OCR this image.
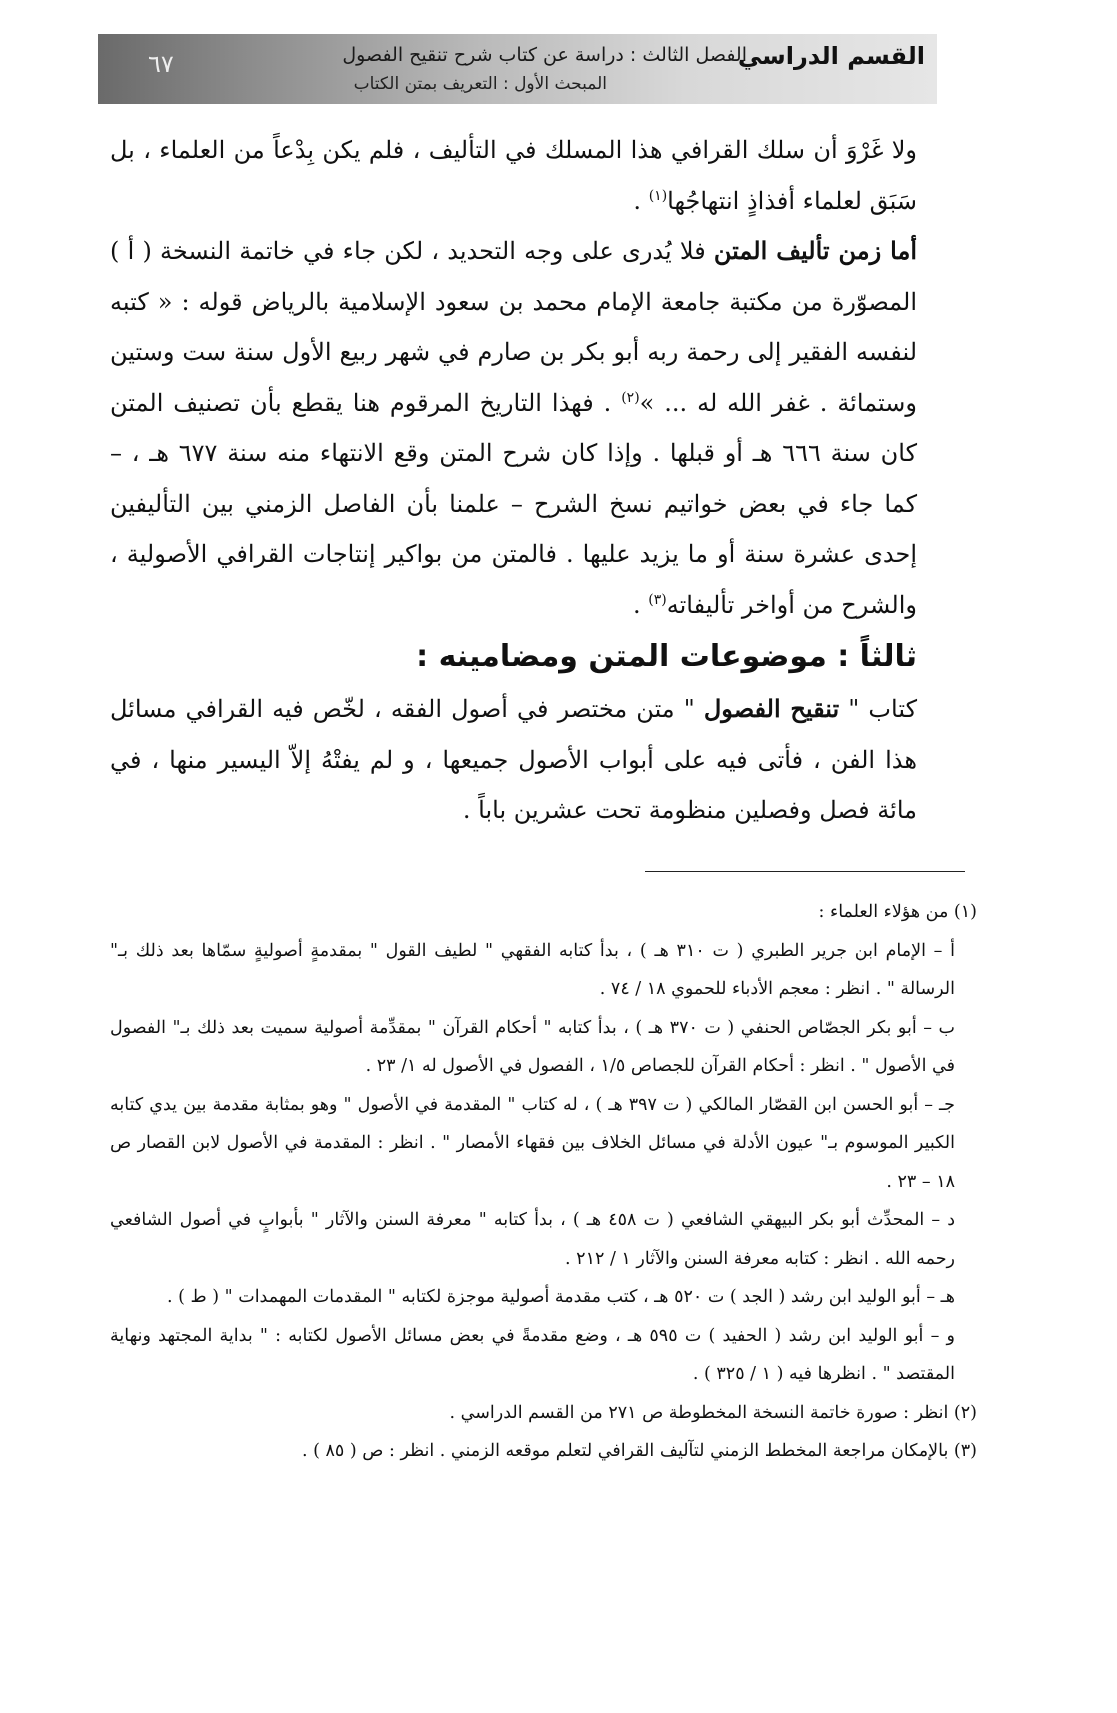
القسم الدراسي
الفصل الثالث : دراسة عن كتاب شرح تنقيح الفصول
المبحث الأول : التعريف بمتن الكتاب
٦٧

ولا غَرْوَ أن سلك القرافي هذا المسلك في التأليف ، فلم يكن بِدْعاً من العلماء ، بل سَبَق لعلماء أفذاذٍ انتهاجُها$^{(١)}$ .

أما زمن تأليف المتن فلا يُدرى على وجه التحديد ، لكن جاء في خاتمة النسخة ( أ ) المصوّرة من مكتبة جامعة الإمام محمد بن سعود الإسلامية بالرياض قوله : « كتبه لنفسه الفقير إلى رحمة ربه أبو بكر بن صارم في شهر ربيع الأول سنة ست وستين وستمائة . غفر الله له ... »$^{(٢)}$ . فهذا التاريخ المرقوم هنا يقطع بأن تصنيف المتن كان سنة ٦٦٦ هـ أو قبلها . وإذا كان شرح المتن وقع الانتهاء منه سنة ٦٧٧ هـ ، – كما جاء في بعض خواتيم نسخ الشرح – علمنا بأن الفاصل الزمني بين التأليفين إحدى عشرة سنة أو ما يزيد عليها . فالمتن من بواكير إنتاجات القرافي الأصولية ، والشرح من أواخر تأليفاته$^{(٣)}$ .

ثالثاً : موضوعات المتن ومضامينه :

كتاب " تنقيح الفصول " متن مختصر في أصول الفقه ، لخّص فيه القرافي مسائل هذا الفن ، فأتى فيه على أبواب الأصول جميعها ، و لم يفتْهُ إلاّ اليسير منها ، في مائة فصل وفصلين منظومة تحت عشرين باباً .

(١) من هؤلاء العلماء :

أ – الإمام ابن جرير الطبري ( ت ٣١٠ هـ ) ، بدأ كتابه الفقهي " لطيف القول " بمقدمةٍ أصوليةٍ سمّاها بعد ذلك بـ" الرسالة " . انظر : معجم الأدباء للحموي ١٨ / ٧٤ .

ب – أبو بكر الجصّاص الحنفي ( ت ٣٧٠ هـ ) ، بدأ كتابه " أحكام القرآن " بمقدِّمة أصولية سميت بعد ذلك بـ" الفصول في الأصول " . انظر : أحكام القرآن للجصاص ١/٥ ، الفصول في الأصول له ١/ ٢٣ .

جـ – أبو الحسن ابن القصّار المالكي ( ت ٣٩٧ هـ ) ، له كتاب " المقدمة في الأصول " وهو بمثابة مقدمة بين يدي كتابه الكبير الموسوم بـ" عيون الأدلة في مسائل الخلاف بين فقهاء الأمصار " . انظر : المقدمة في الأصول لابن القصار ص ١٨ – ٢٣ .

د – المحدِّث أبو بكر البيهقي الشافعي ( ت ٤٥٨ هـ ) ، بدأ كتابه " معرفة السنن والآثار " بأبوابٍ في أصول الشافعي رحمه الله . انظر : كتابه معرفة السنن والآثار ١ / ٢١٢ .

هـ – أبو الوليد ابن رشد ( الجد ) ت ٥٢٠ هـ ، كتب مقدمة أصولية موجزة لكتابه " المقدمات المهمدات " ( ط ) .

و – أبو الوليد ابن رشد ( الحفيد ) ت ٥٩٥ هـ ، وضع مقدمةً في بعض مسائل الأصول لكتابه : " بداية المجتهد ونهاية المقتصد " . انظرها فيه ( ١ / ٣٢٥ ) .

(٢) انظر : صورة خاتمة النسخة المخطوطة ص ٢٧١ من القسم الدراسي .

(٣) بالإمكان مراجعة المخطط الزمني لتآليف القرافي لتعلم موقعه الزمني . انظر : ص ( ٨٥ ) .
